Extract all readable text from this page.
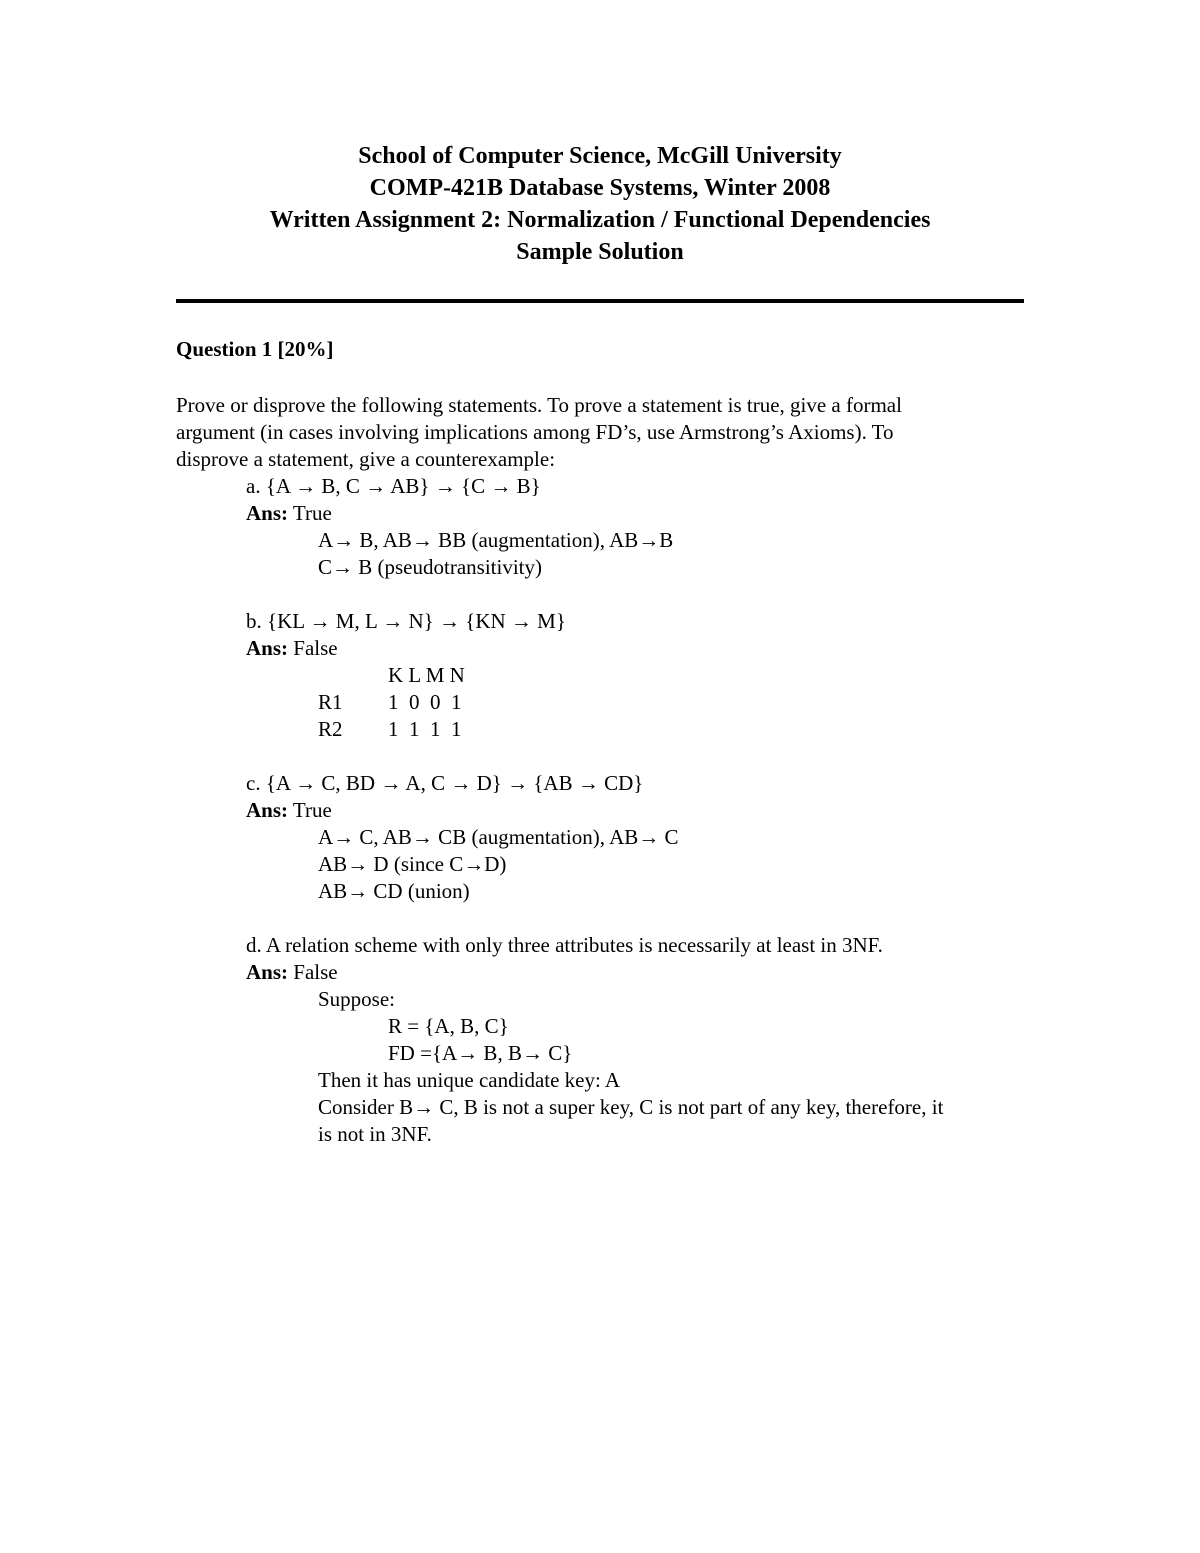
School of Computer Science, McGill University
COMP-421B Database Systems, Winter 2008
Written Assignment 2: Normalization / Functional Dependencies
Sample Solution
Question 1 [20%]
Prove or disprove the following statements. To prove a statement is true, give a formal
argument (in cases involving implications among FD’s, use Armstrong’s Axioms). To
disprove a statement, give a counterexample:
a. {A → B, C → AB} → {C → B}
Ans: True
A→ B, AB→ BB (augmentation), AB→B
C→ B (pseudotransitivity)
b. {KL → M, L → N} → {KN → M}
Ans: False
K L M N
R1 1  0  0  1
R2 1  1  1  1
c. {A → C, BD → A, C → D} → {AB → CD}
Ans: True
A→ C, AB→ CB (augmentation), AB→ C
AB→ D (since C→D)
AB→ CD (union)
d. A relation scheme with only three attributes is necessarily at least in 3NF.
Ans: False
Suppose:
R = {A, B, C}
FD ={A→ B, B→ C}
Then it has unique candidate key: A
Consider B→ C, B is not a super key, C is not part of any key, therefore, it
is not in 3NF.
